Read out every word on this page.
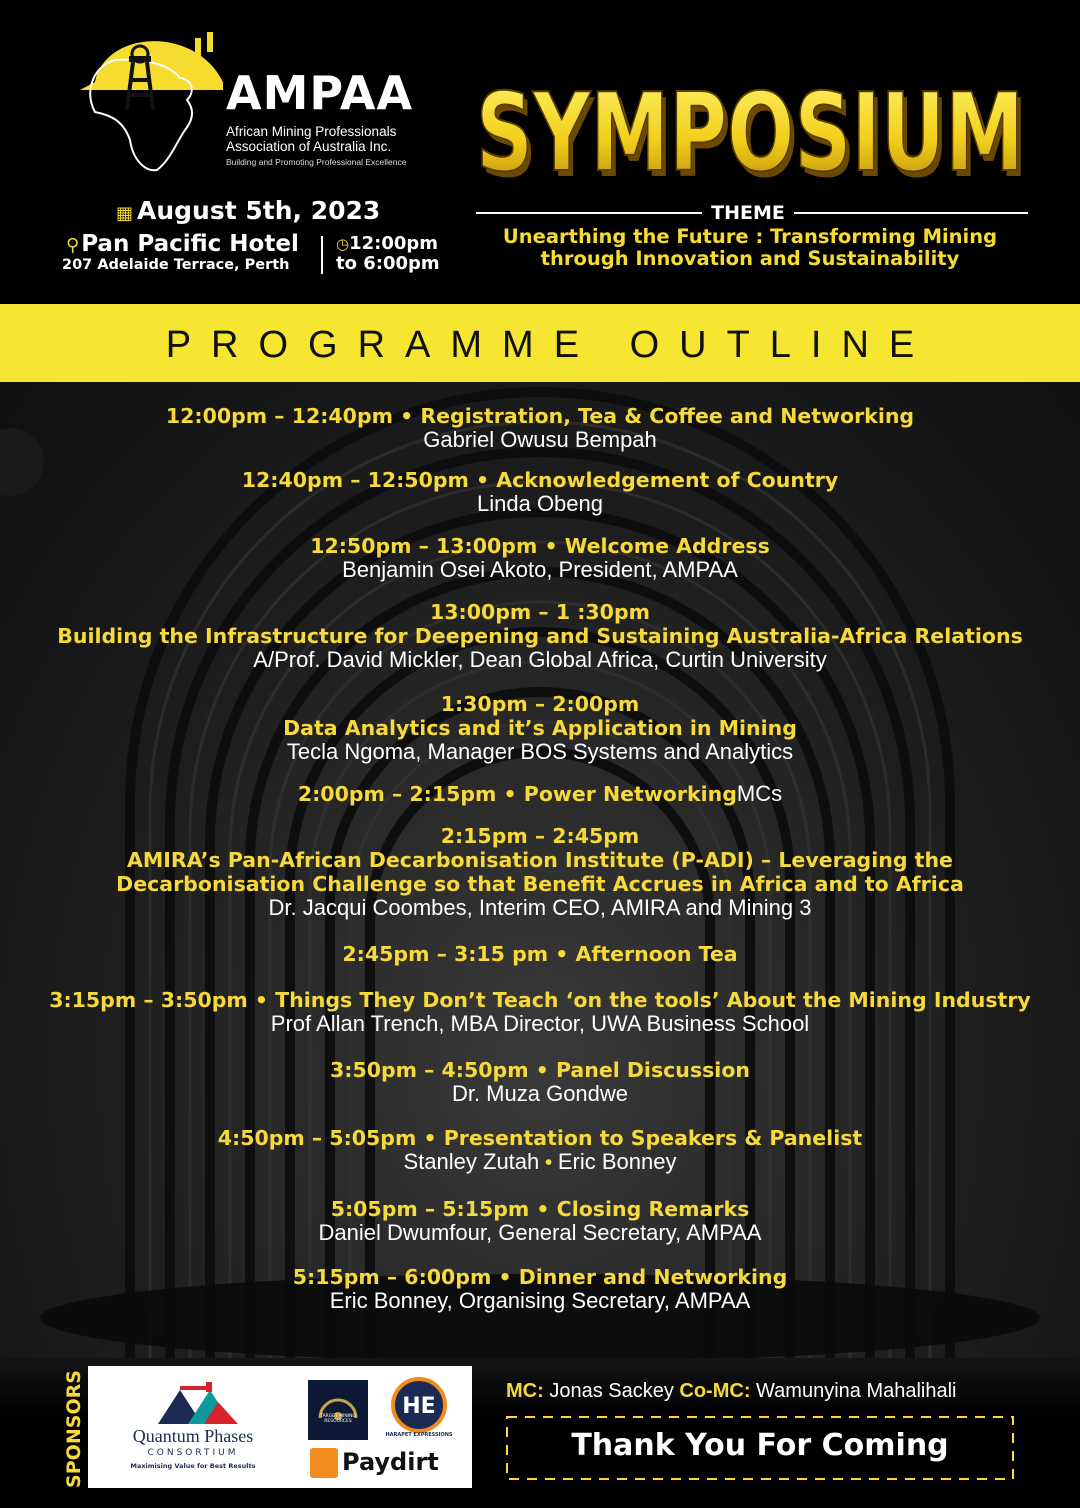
AMPAA
African Mining Professionals
Association of Australia Inc.
Building and Promoting Professional Excellence
▦ August 5th, 2023
⚲Pan Pacific Hotel
207 Adelaide Terrace, Perth
◷12:00pm
to 6:00pm
SYMPOSIUM
SYMPOSIUM
THEME
Unearthing the Future : Transforming Mining
through Innovation and Sustainability
PROGRAMME OUTLINE
12:00pm – 12:40pm • Registration, Tea & Coffee and Networking
Gabriel Owusu Bempah
12:40pm – 12:50pm • Acknowledgement of Country
Linda Obeng
12:50pm – 13:00pm • Welcome Address
Benjamin Osei Akoto, President, AMPAA
13:00pm – 1 :30pm
Building the Infrastructure for Deepening and Sustaining Australia-Africa Relations
A/Prof. David Mickler, Dean Global Africa, Curtin University
1:30pm – 2:00pm
Data Analytics and it’s Application in Mining
Tecla Ngoma, Manager BOS Systems and Analytics
2:00pm – 2:15pm • Power NetworkingMCs
2:15pm – 2:45pm
AMIRA’s Pan-African Decarbonisation Institute (P-ADI) – Leveraging the
Decarbonisation Challenge so that Benefit Accrues in Africa and to Africa
Dr. Jacqui Coombes, Interim CEO, AMIRA and Mining 3
2:45pm – 3:15 pm • Afternoon Tea
3:15pm – 3:50pm • Things They Don’t Teach ‘on the tools’ About the Mining Industry
Prof Allan Trench, MBA Director, UWA Business School
3:50pm – 4:50pm • Panel Discussion
Dr. Muza Gondwe
4:50pm – 5:05pm • Presentation to Speakers & Panelist
Stanley Zutah • Eric Bonney
5:05pm – 5:15pm • Closing Remarks
Daniel Dwumfour, General Secretary, AMPAA
5:15pm – 6:00pm • Dinner and Networking
Eric Bonney, Organising Secretary, AMPAA
SPONSORS	Quantum Phases
CONSORTIUM
Maximising Value for Best Results
TARGET MINING RESOURCES
HE
HARAPET EXPRESSIONS
Paydirt
MC: Jonas Sackey Co-MC: Wamunyina Mahalihali
Thank You For Coming
